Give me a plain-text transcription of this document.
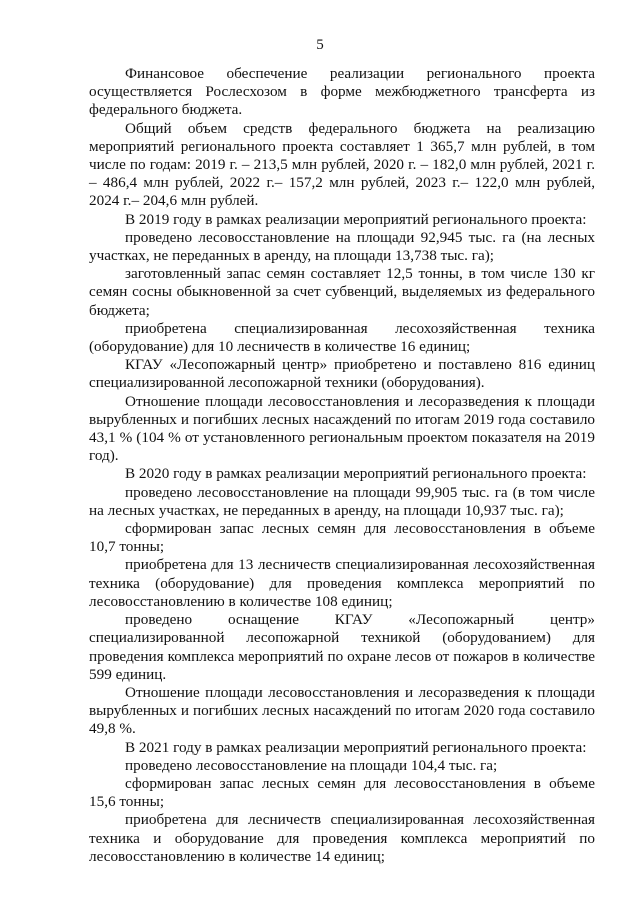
5

Финансовое обеспечение реализации регионального проекта осуществляется Рослесхозом в форме межбюджетного трансферта из федерального бюджета.

Общий объем средств федерального бюджета на реализацию мероприятий регионального проекта составляет 1 365,7 млн рублей, в том числе по годам: 2019 г. – 213,5 млн рублей, 2020 г. – 182,0 млн рублей, 2021 г. – 486,4 млн рублей, 2022 г.– 157,2 млн рублей, 2023 г.– 122,0 млн рублей, 2024 г.– 204,6 млн рублей.

В 2019 году в рамках реализации мероприятий регионального проекта:

проведено лесовосстановление на площади 92,945 тыс. га (на лесных участках, не переданных в аренду, на площади 13,738 тыс. га);

заготовленный запас семян составляет 12,5 тонны, в том числе 130 кг семян сосны обыкновенной за счет субвенций, выделяемых из федерального бюджета;

приобретена специализированная лесохозяйственная техника (оборудование) для 10 лесничеств в количестве 16 единиц;

КГАУ «Лесопожарный центр» приобретено и поставлено 816 единиц специализированной лесопожарной техники (оборудования).

Отношение площади лесовосстановления и лесоразведения к площади вырубленных и погибших лесных насаждений по итогам 2019 года составило 43,1 % (104 % от установленного региональным проектом показателя на 2019 год).

В 2020 году в рамках реализации мероприятий регионального проекта:

проведено лесовосстановление на площади 99,905 тыс. га (в том числе на лесных участках, не переданных в аренду, на площади 10,937 тыс. га);

сформирован запас лесных семян для лесовосстановления в объеме 10,7 тонны;

приобретена для 13 лесничеств специализированная лесохозяйственная техника (оборудование) для проведения комплекса мероприятий по лесовосстановлению в количестве 108 единиц;

проведено оснащение КГАУ «Лесопожарный центр» специализированной лесопожарной техникой (оборудованием) для проведения комплекса мероприятий по охране лесов от пожаров в количестве 599 единиц.

Отношение площади лесовосстановления и лесоразведения к площади вырубленных и погибших лесных насаждений по итогам 2020 года составило 49,8 %.

В 2021 году в рамках реализации мероприятий регионального проекта:

проведено лесовосстановление на площади 104,4 тыс. га;

сформирован запас лесных семян для лесовосстановления в объеме 15,6 тонны;

приобретена для лесничеств специализированная лесохозяйственная техника и оборудование для проведения комплекса мероприятий по лесовосстановлению в количестве 14 единиц;
